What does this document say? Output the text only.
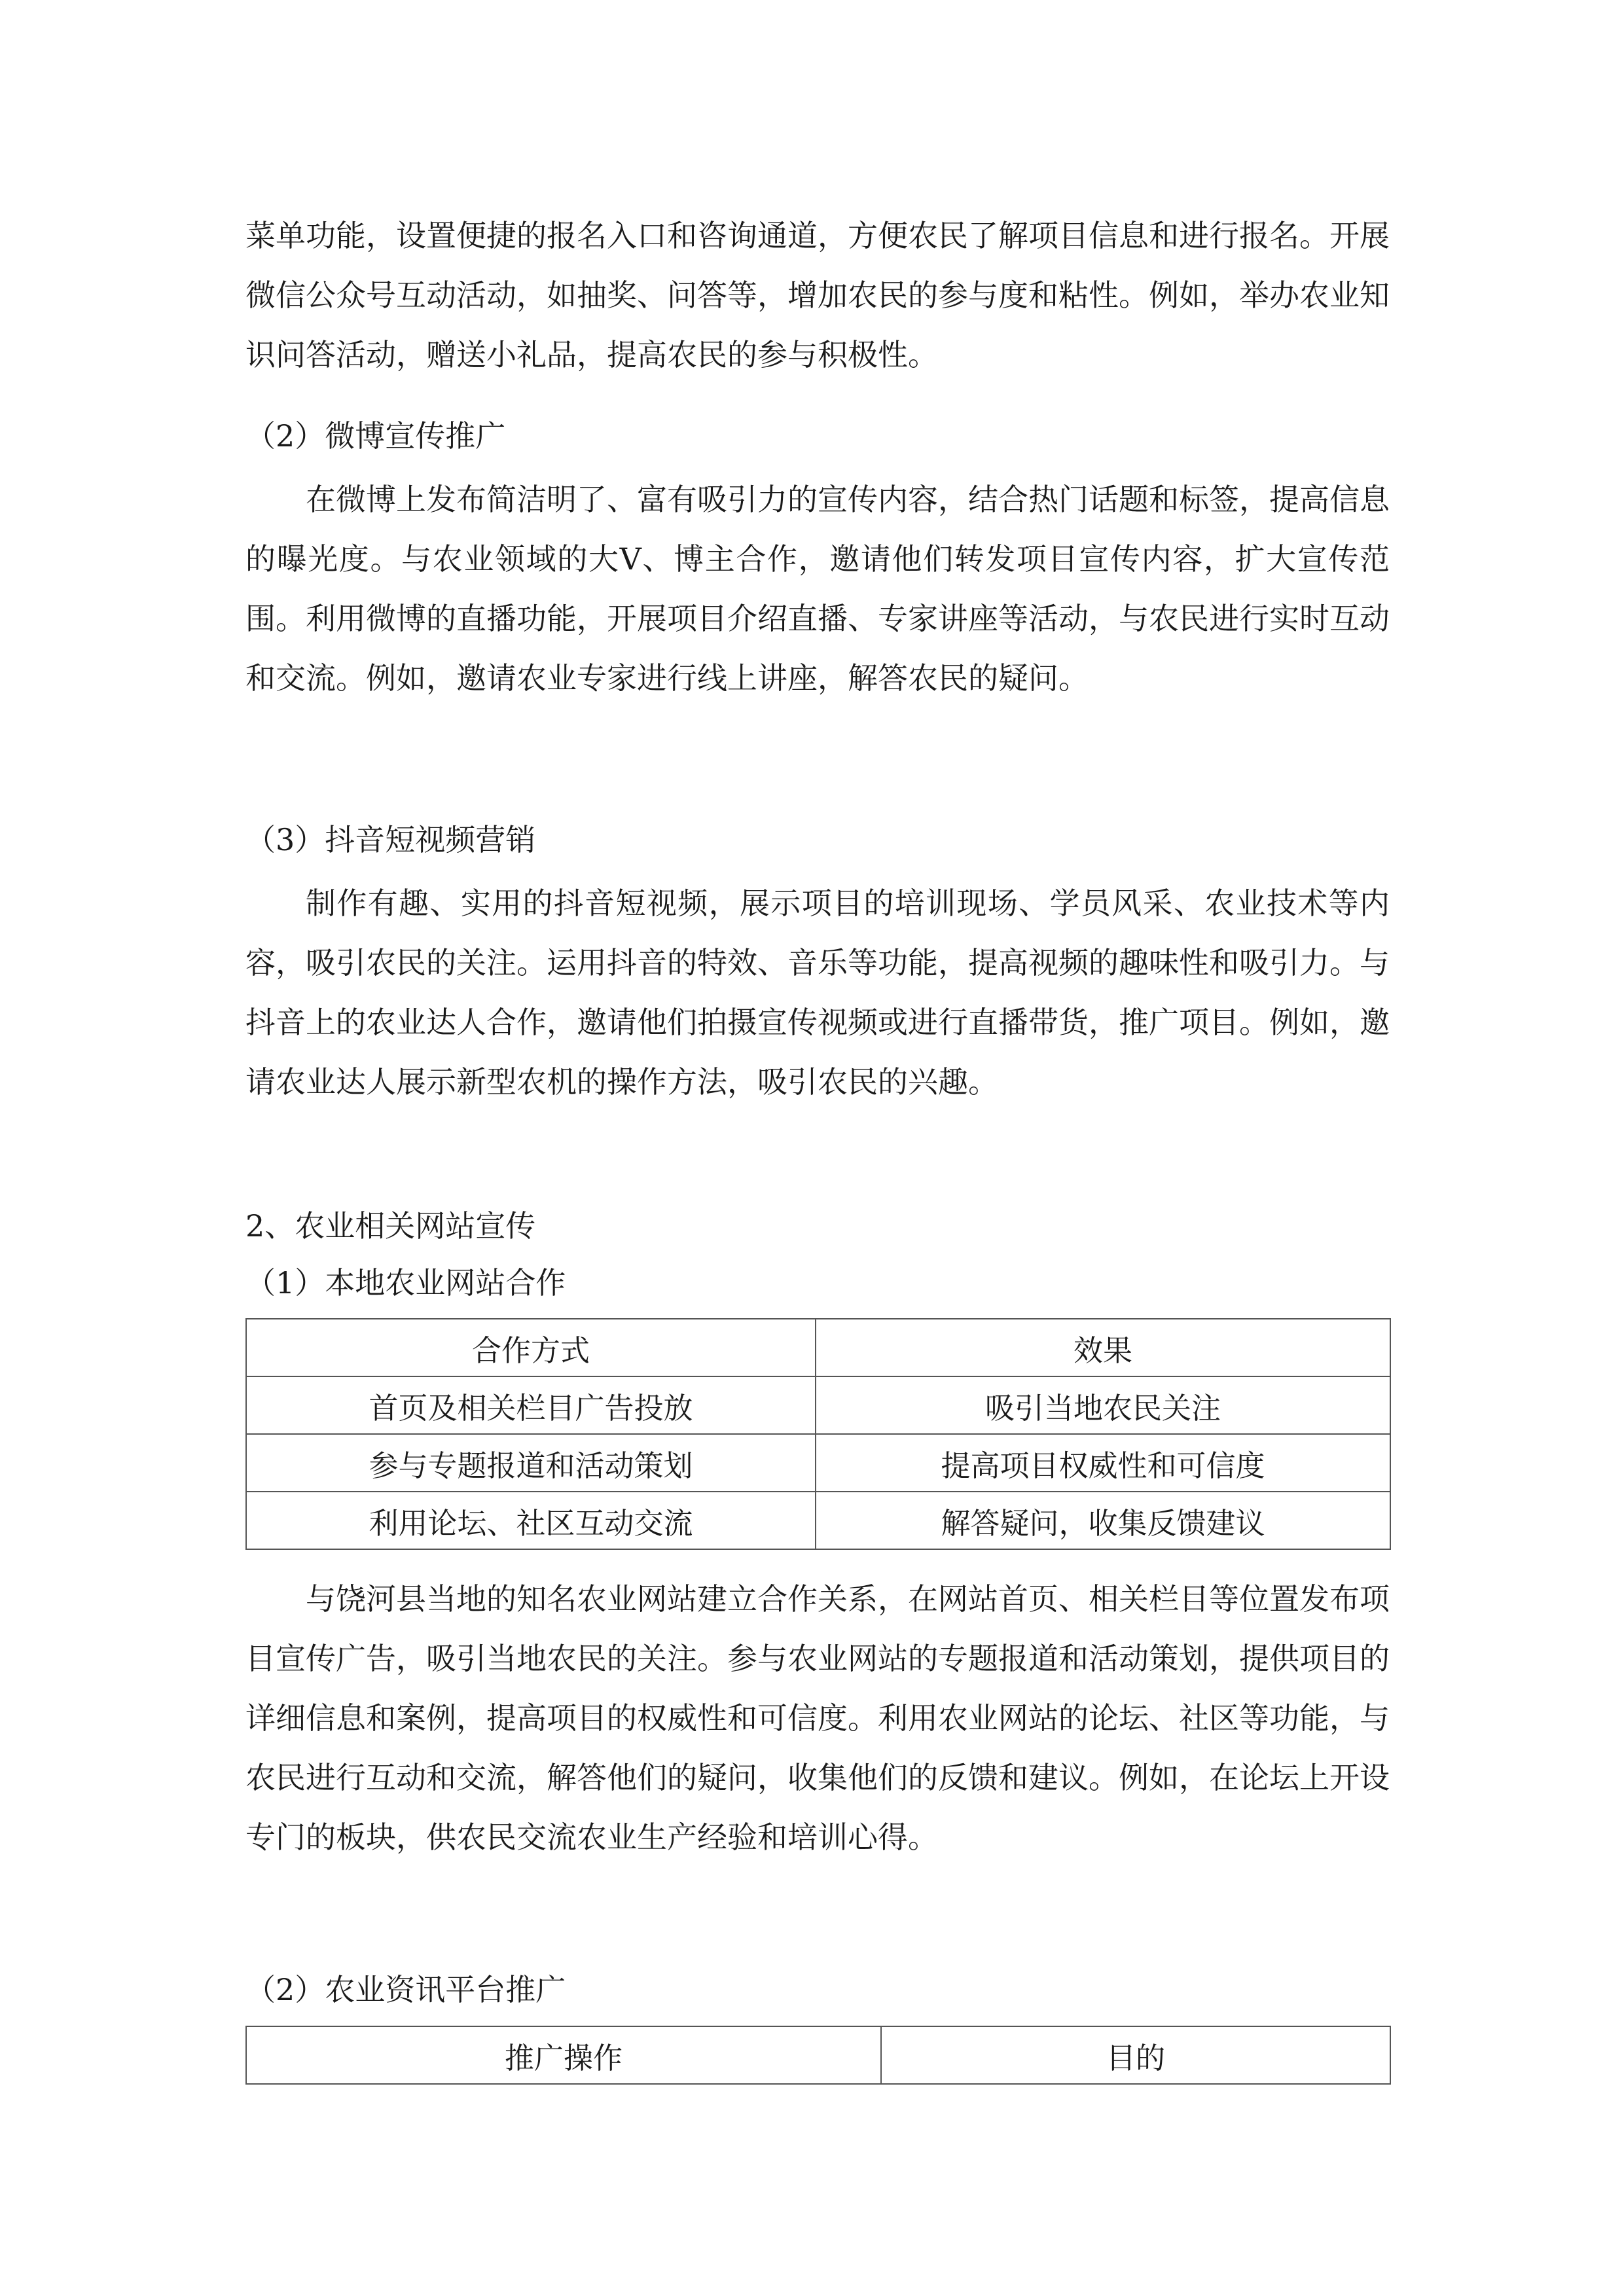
菜单功能，设置便捷的报名入口和咨询通道，方便农民了解项目信息和进行报名。开展微信公众号互动活动，如抽奖、问答等，增加农民的参与度和粘性。例如，举办农业知识问答活动，赠送小礼品，提高农民的参与积极性。

（2）微博宣传推广

在微博上发布简洁明了、富有吸引力的宣传内容，结合热门话题和标签，提高信息的曝光度。与农业领域的大V、博主合作，邀请他们转发项目宣传内容，扩大宣传范围。利用微博的直播功能，开展项目介绍直播、专家讲座等活动，与农民进行实时互动和交流。例如，邀请农业专家进行线上讲座，解答农民的疑问。

（3）抖音短视频营销

制作有趣、实用的抖音短视频，展示项目的培训现场、学员风采、农业技术等内容，吸引农民的关注。运用抖音的特效、音乐等功能，提高视频的趣味性和吸引力。与抖音上的农业达人合作，邀请他们拍摄宣传视频或进行直播带货，推广项目。例如，邀请农业达人展示新型农机的操作方法，吸引农民的兴趣。

2、农业相关网站宣传

（1）本地农业网站合作

合作方式	效果
首页及相关栏目广告投放	吸引当地农民关注
参与专题报道和活动策划	提高项目权威性和可信度
利用论坛、社区互动交流	解答疑问，收集反馈建议

与饶河县当地的知名农业网站建立合作关系，在网站首页、相关栏目等位置发布项目宣传广告，吸引当地农民的关注。参与农业网站的专题报道和活动策划，提供项目的详细信息和案例，提高项目的权威性和可信度。利用农业网站的论坛、社区等功能，与农民进行互动和交流，解答他们的疑问，收集他们的反馈和建议。例如，在论坛上开设专门的板块，供农民交流农业生产经验和培训心得。

（2）农业资讯平台推广

推广操作	目的
